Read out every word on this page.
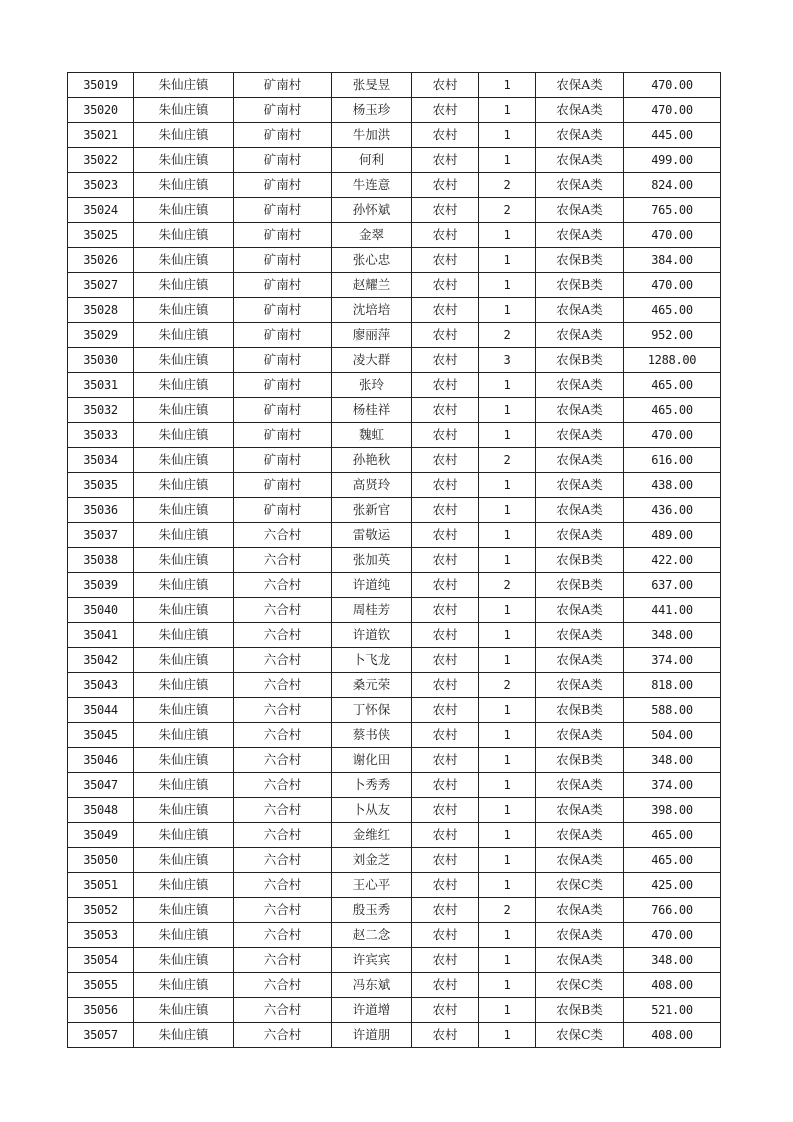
35019	朱仙庄镇	矿南村	张旻昱	农村	1	农保A类	470.00
35020	朱仙庄镇	矿南村	杨玉珍	农村	1	农保A类	470.00
35021	朱仙庄镇	矿南村	牛加洪	农村	1	农保A类	445.00
35022	朱仙庄镇	矿南村	何利	农村	1	农保A类	499.00
35023	朱仙庄镇	矿南村	牛连意	农村	2	农保A类	824.00
35024	朱仙庄镇	矿南村	孙怀斌	农村	2	农保A类	765.00
35025	朱仙庄镇	矿南村	金翠	农村	1	农保A类	470.00
35026	朱仙庄镇	矿南村	张心忠	农村	1	农保B类	384.00
35027	朱仙庄镇	矿南村	赵耀兰	农村	1	农保B类	470.00
35028	朱仙庄镇	矿南村	沈培培	农村	1	农保A类	465.00
35029	朱仙庄镇	矿南村	廖丽萍	农村	2	农保A类	952.00
35030	朱仙庄镇	矿南村	凌大群	农村	3	农保B类	1288.00
35031	朱仙庄镇	矿南村	张玲	农村	1	农保A类	465.00
35032	朱仙庄镇	矿南村	杨桂祥	农村	1	农保A类	465.00
35033	朱仙庄镇	矿南村	魏虹	农村	1	农保A类	470.00
35034	朱仙庄镇	矿南村	孙艳秋	农村	2	农保A类	616.00
35035	朱仙庄镇	矿南村	高贤玲	农村	1	农保A类	438.00
35036	朱仙庄镇	矿南村	张新官	农村	1	农保A类	436.00
35037	朱仙庄镇	六合村	雷敬运	农村	1	农保A类	489.00
35038	朱仙庄镇	六合村	张加英	农村	1	农保B类	422.00
35039	朱仙庄镇	六合村	许道纯	农村	2	农保B类	637.00
35040	朱仙庄镇	六合村	周桂芳	农村	1	农保A类	441.00
35041	朱仙庄镇	六合村	许道钦	农村	1	农保A类	348.00
35042	朱仙庄镇	六合村	卜飞龙	农村	1	农保A类	374.00
35043	朱仙庄镇	六合村	桑元荣	农村	2	农保A类	818.00
35044	朱仙庄镇	六合村	丁怀保	农村	1	农保B类	588.00
35045	朱仙庄镇	六合村	蔡书侠	农村	1	农保A类	504.00
35046	朱仙庄镇	六合村	谢化田	农村	1	农保B类	348.00
35047	朱仙庄镇	六合村	卜秀秀	农村	1	农保A类	374.00
35048	朱仙庄镇	六合村	卜从友	农村	1	农保A类	398.00
35049	朱仙庄镇	六合村	金维红	农村	1	农保A类	465.00
35050	朱仙庄镇	六合村	刘金芝	农村	1	农保A类	465.00
35051	朱仙庄镇	六合村	王心平	农村	1	农保C类	425.00
35052	朱仙庄镇	六合村	殷玉秀	农村	2	农保A类	766.00
35053	朱仙庄镇	六合村	赵二念	农村	1	农保A类	470.00
35054	朱仙庄镇	六合村	许宾宾	农村	1	农保A类	348.00
35055	朱仙庄镇	六合村	冯东斌	农村	1	农保C类	408.00
35056	朱仙庄镇	六合村	许道增	农村	1	农保B类	521.00
35057	朱仙庄镇	六合村	许道朋	农村	1	农保C类	408.00
